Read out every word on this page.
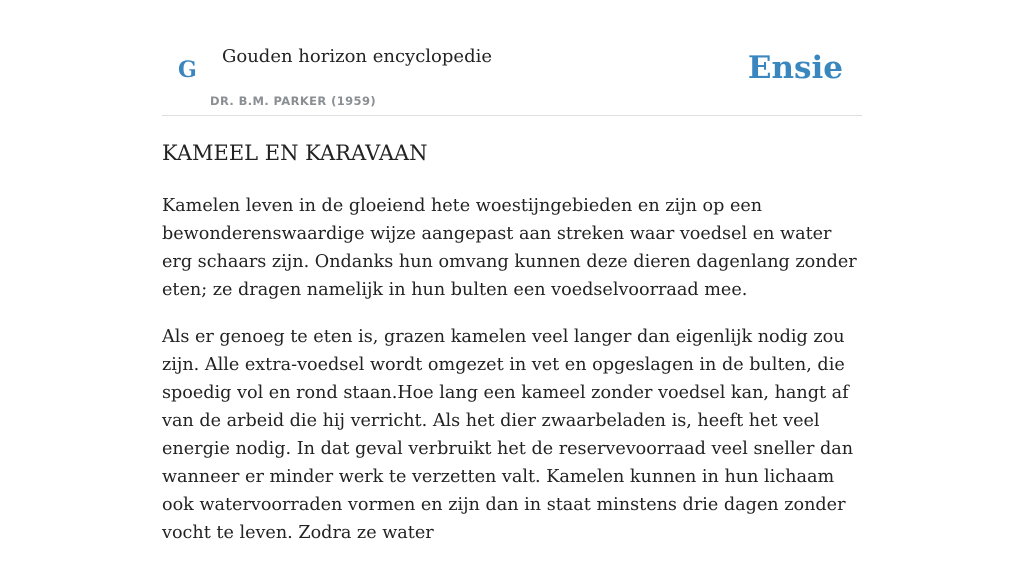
G
Gouden horizon encyclopedie
DR. B.M. PARKER (1959)
Ensie
KAMEEL EN KARAVAAN

Kamelen leven in de gloeiend hete woestijngebieden en zijn op een bewonderenswaardige wijze aangepast aan streken waar voedsel en water erg schaars zijn. Ondanks hun omvang kunnen deze dieren dagenlang zonder eten; ze dragen namelijk in hun bulten een voedselvoorraad mee.

Als er genoeg te eten is, grazen kamelen veel langer dan eigenlijk nodig zou zijn. Alle extra-voedsel wordt omgezet in vet en opgeslagen in de bulten, die spoedig vol en rond staan.Hoe lang een kameel zonder voedsel kan, hangt af van de arbeid die hij verricht. Als het dier zwaarbeladen is, heeft het veel energie nodig. In dat geval verbruikt het de reservevoorraad veel sneller dan wanneer er minder werk te verzetten valt. Kamelen kunnen in hun lichaam ook watervoorraden vormen en zijn dan in staat minstens drie dagen zonder vocht te leven. Zodra ze water
